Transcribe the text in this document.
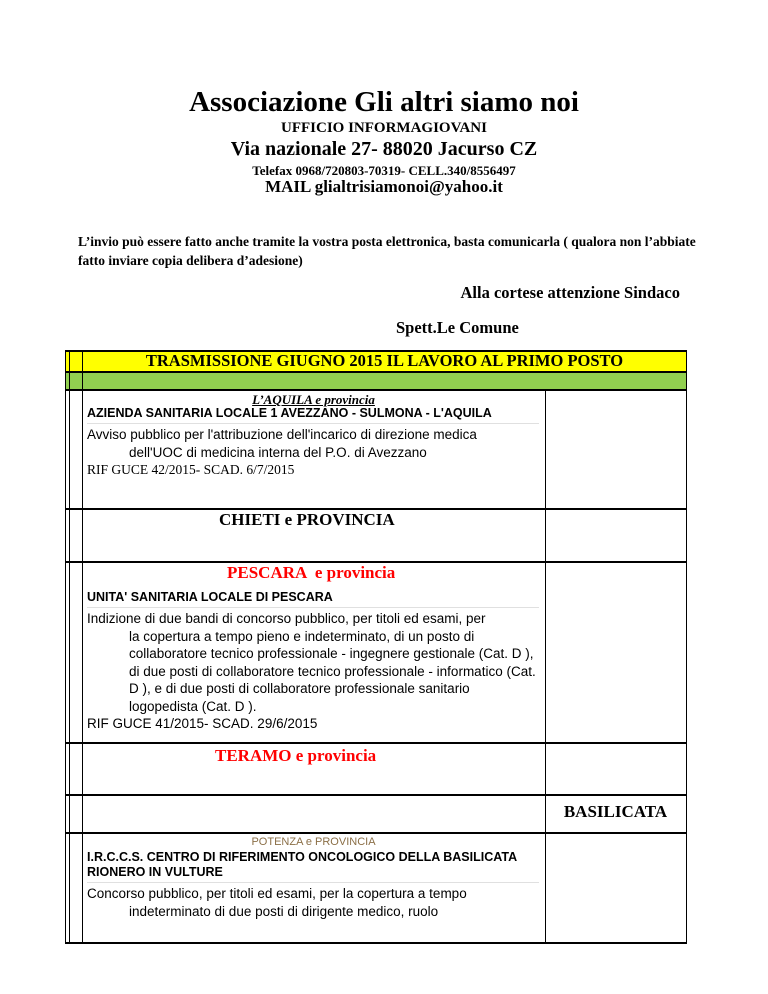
Associazione Gli altri siamo noi
UFFICIO INFORMAGIOVANI
Via nazionale 27- 88020 Jacurso CZ
Telefax 0968/720803-70319- CELL.340/8556497
MAIL glialtrisiamonoi@yahoo.it
L’invio può essere fatto anche tramite la vostra posta elettronica, basta comunicarla ( qualora non l’abbiate fatto inviare copia delibera d’adesione)
Alla cortese attenzione Sindaco
Spett.Le Comune
TRASMISSIONE GIUGNO 2015 IL LAVORO AL PRIMO POSTO
L’AQUILA e provincia
AZIENDA SANITARIA LOCALE 1 AVEZZANO - SULMONA - L'AQUILA
Avviso pubblico per l'attribuzione dell'incarico di direzione medica
dell'UOC di medicina interna del P.O. di Avezzano
RIF GUCE 42/2015- SCAD. 6/7/2015
CHIETI e PROVINCIA
PESCARA  e provincia
UNITA' SANITARIA LOCALE DI PESCARA
Indizione di due bandi di concorso pubblico, per titoli ed esami, per
la copertura a tempo pieno e indeterminato, di un posto di collaboratore tecnico professionale - ingegnere gestionale (Cat. D ), di due posti di collaboratore tecnico professionale - informatico (Cat. D ), e di due posti di collaboratore professionale sanitario logopedista (Cat. D ).
RIF GUCE 41/2015- SCAD. 29/6/2015
TERAMO e provincia
BASILICATA
POTENZA e PROVINCIA
I.R.C.C.S. CENTRO DI RIFERIMENTO ONCOLOGICO DELLA BASILICATA RIONERO IN VULTURE
Concorso pubblico, per titoli ed esami, per la copertura a tempo
indeterminato di due posti di dirigente medico, ruolo
